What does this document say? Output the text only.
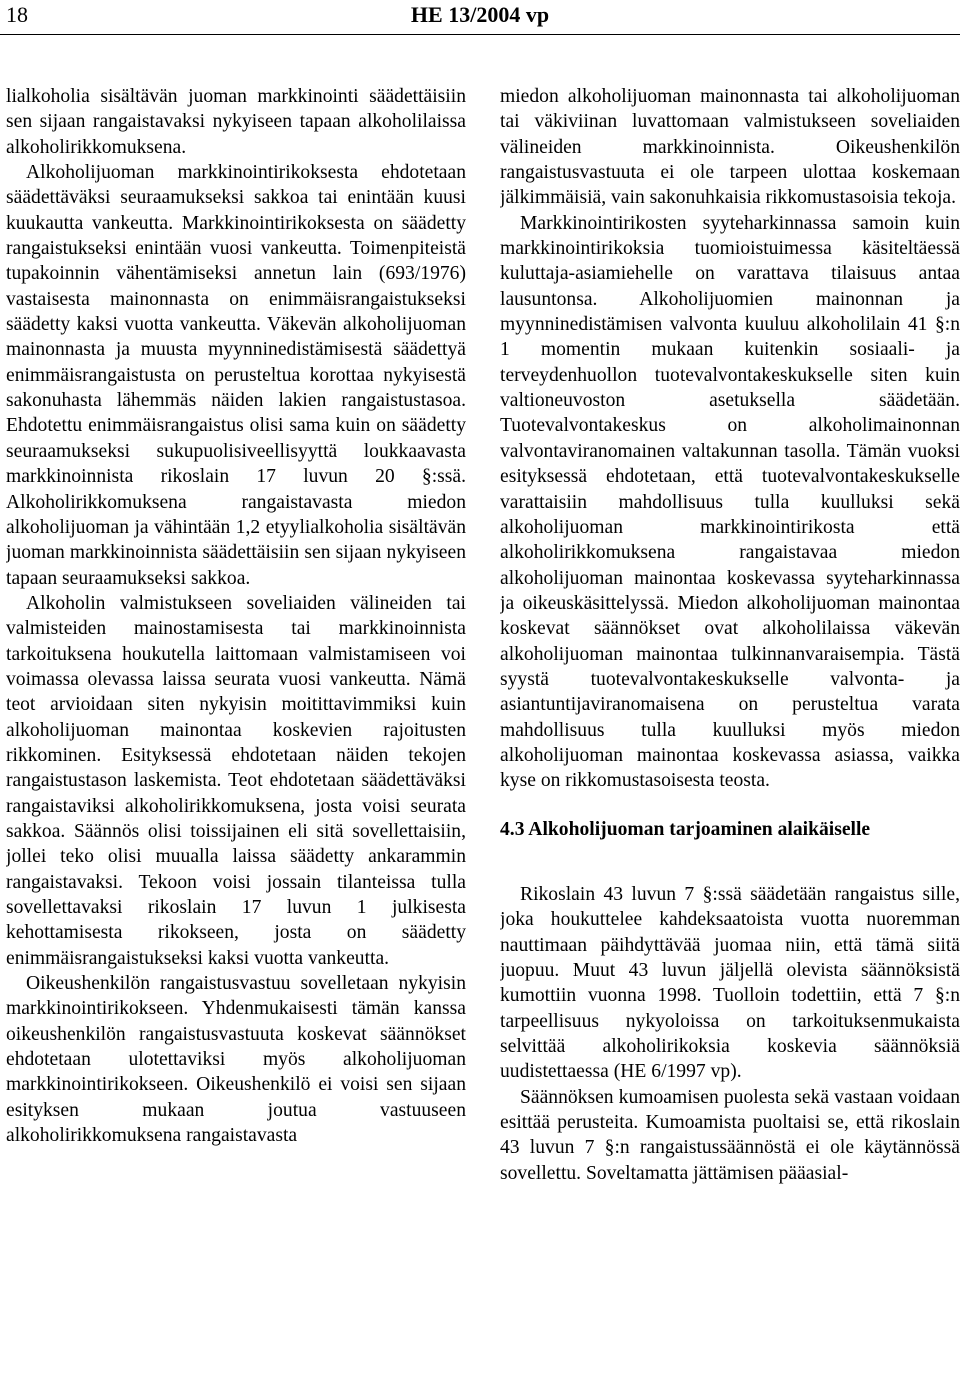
18	HE 13/2004 vp

lialkoholia sisältävän juoman markkinointi säädettäisiin sen sijaan rangaistavaksi nykyiseen tapaan alkoholilaissa alkoholirikkomuksena.

Alkoholijuoman markkinointirikoksesta ehdotetaan säädettäväksi seuraamukseksi sakkoa tai enintään kuusi kuukautta vankeutta. Markkinointirikoksesta on säädetty rangaistukseksi enintään vuosi vankeutta. Toimenpiteistä tupakoinnin vähentämiseksi annetun lain (693/1976) vastaisesta mainonnasta on enimmäisrangaistukseksi säädetty kaksi vuotta vankeutta. Väkevän alkoholijuoman mainonnasta ja muusta myynninedistämisestä säädettyä enimmäisrangaistusta on perusteltua korottaa nykyisestä sakonuhasta lähemmäs näiden lakien rangaistustasoa. Ehdotettu enimmäisrangaistus olisi sama kuin on säädetty seuraamukseksi sukupuolisiveellisyyttä loukkaavasta markkinoinnista rikoslain 17 luvun 20 §:ssä. Alkoholirikkomuksena rangaistavasta miedon alkoholijuoman ja vähintään 1,2 etyylialkoholia sisältävän juoman markkinoinnista säädettäisiin sen sijaan nykyiseen tapaan seuraamukseksi sakkoa.

Alkoholin valmistukseen soveliaiden välineiden tai valmisteiden mainostamisesta tai markkinoinnista tarkoituksena houkutella laittomaan valmistamiseen voi voimassa olevassa laissa seurata vuosi vankeutta. Nämä teot arvioidaan siten nykyisin moitittavimmiksi kuin alkoholijuoman mainontaa koskevien rajoitusten rikkominen. Esityksessä ehdotetaan näiden tekojen rangaistustason laskemista. Teot ehdotetaan säädettäväksi rangaistaviksi alkoholirikkomuksena, josta voisi seurata sakkoa. Säännös olisi toissijainen eli sitä sovellettaisiin, jollei teko olisi muualla laissa säädetty ankarammin rangaistavaksi. Tekoon voisi jossain tilanteissa tulla sovellettavaksi rikoslain 17 luvun 1 julkisesta kehottamisesta rikokseen, josta on säädetty enimmäisrangaistukseksi kaksi vuotta vankeutta.

Oikeushenkilön rangaistusvastuu sovelletaan nykyisin markkinointirikokseen. Yhdenmukaisesti tämän kanssa oikeushenkilön rangaistusvastuuta koskevat säännökset ehdotetaan ulotettaviksi myös alkoholijuoman markkinointirikokseen. Oikeushenkilö ei voisi sen sijaan esityksen mukaan joutua vastuuseen alkoholirikkomuksena rangaistavasta

miedon alkoholijuoman mainonnasta tai alkoholijuoman tai väkiviinan luvattomaan valmistukseen soveliaiden välineiden markkinoinnista. Oikeushenkilön rangaistusvastuuta ei ole tarpeen ulottaa koskemaan jälkimmäisiä, vain sakonuhkaisia rikkomustasoisia tekoja.

Markkinointirikosten syyteharkinnassa samoin kuin markkinointirikoksia tuomioistuimessa käsiteltäessä kuluttaja-asiamiehelle on varattava tilaisuus antaa lausuntonsa. Alkoholijuomien mainonnan ja myynninedistämisen valvonta kuuluu alkoholilain 41 §:n 1 momentin mukaan kuitenkin sosiaali- ja terveydenhuollon tuotevalvontakeskukselle siten kuin valtioneuvoston asetuksella säädetään. Tuotevalvontakeskus on alkoholimainonnan valvontaviranomainen valtakunnan tasolla. Tämän vuoksi esityksessä ehdotetaan, että tuotevalvontakeskukselle varattaisiin mahdollisuus tulla kuulluksi sekä alkoholijuoman markkinointirikosta että alkoholirikkomuksena rangaistavaa miedon alkoholijuoman mainontaa koskevassa syyteharkinnassa ja oikeuskäsittelyssä. Miedon alkoholijuoman mainontaa koskevat säännökset ovat alkoholilaissa väkevän alkoholijuoman mainontaa tulkinnanvaraisempia. Tästä syystä tuotevalvontakeskukselle valvonta- ja asiantuntijaviranomaisena on perusteltua varata mahdollisuus tulla kuulluksi myös miedon alkoholijuoman mainontaa koskevassa asiassa, vaikka kyse on rikkomustasoisesta teosta.

4.3 Alkoholijuoman tarjoaminen alaikäiselle

Rikoslain 43 luvun 7 §:ssä säädetään rangaistus sille, joka houkuttelee kahdeksaatoista vuotta nuoremman nauttimaan päihdyttävää juomaa niin, että tämä siitä juopuu. Muut 43 luvun jäljellä olevista säännöksistä kumottiin vuonna 1998. Tuolloin todettiin, että 7 §:n tarpeellisuus nykyoloissa on tarkoituksenmukaista selvittää alkoholirikoksia koskevia säännöksiä uudistettaessa (HE 6/1997 vp).

Säännöksen kumoamisen puolesta sekä vastaan voidaan esittää perusteita. Kumoamista puoltaisi se, että rikoslain 43 luvun 7 §:n rangaistussäännöstä ei ole käytännössä sovellettu. Soveltamatta jättämisen pääasial-
